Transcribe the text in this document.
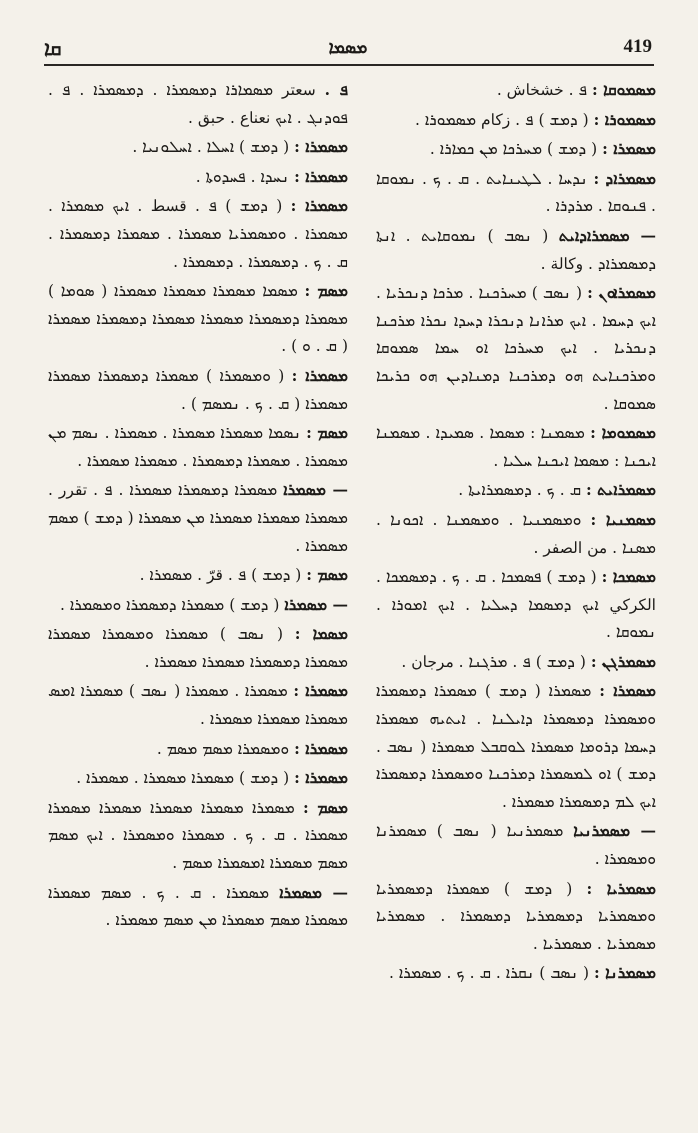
ܩܐ	ܡܣܡܐ	419
ܡܣܡܘܩܐ : ܦ . خشخاش .
ܡܣܡܘܪܐ : ( ܕܡܫ ) ܦ . زكام ܡܣܡܘܪܐ .
ܡܣܡܪܐ : ( ܕܡܫ ) ܡܚܪܟܐ ܡܢ ܟܡܐܪܐ .
ܡܣܡܪܐܕ : ܢܕܚܐ . ܠܛܝܢܐܝܬ . ܩ . ܟ . ܢܡܘܩܐ . ܦܢܘܩܐ . ܡܪܕܪܐ .
— ܡܣܡܪܐܕܐܝܬ ( ܢܣܒ ) ܢܡܘܩܐܝܬ . ܐܢܬܐ ܕܡܣܡܪܐܕ . وكالة .
ܡܣܡܪܐܘܢ : ( ܢܣܒ ) ܡܚܪܟܢܐ . ܡܪܟܐ ܕܢܟܪܝܐ . ܐܝܟ ܕܚܡܐ . ܐܝܟ ܡܪܐܢܐ ܕܢܟܪܐ ܕܚܕܐ ܢܟܪܐ ܡܪܟܢܐ ܕܢܟܪܝܐ . ܐܝܟ ܡܚܪܟܐ ܐܘ ܚܡܐ ܣܡܘܩܐ ܘܡܪܟܢܐܝܬ ܗܘ ܕܡܪܟܢܐ ܕܡܢܐܕܝܢ ܗܘ ܟܪܝܟܐ ܣܡܘܩܐ .
ܡܣܡܘܡܐ : ܡܣܡܢܐ : ܡܣܡܐ . ܣܡܝܕܐ . ܡܣܡܢܐ ܐܝܟܢܐ : ܡܣܡܐ ܐܝܟܢܐ ܚܠܝܐ .
ܡܣܡܪܐܝܬ : ܩ . ܟ . ܕܡܣܡܪܐܝܬܐ .
ܡܣܡܢܝܐ : ܘܡܣܡܢܝܐ . ܘܡܣܡܢܐ . ܐܟܘܢܐ . ܡܣܢܐ . من الصفر .
ܡܣܡܟܐ : ( ܕܡܫ ) ܦܣܡܟܐ . ܩ . ܟ . ܕܡܣܡܟܐ . الكركي ܐܝܟ ܕܡܣܡܐ ܕܚܠܝܐ . ܐܝܟ ܐܡܘܪܐ . ܢܡܘܩܐ .
ܡܣܡܪܓܢ : ( ܕܡܫ ) ܦ . ܡܪܓܢܐ . مرجان .
ܡܣܡܪܐ : ܡܣܡܪܐ ( ܕܡܫ ) ܡܣܡܪܐ ܕܡܣܡܪܐ ܘܡܣܡܪܐ ܕܡܣܡܪܐ ܕܐܝܠܢܐ . ܐܝܬܝܗ ܡܣܡܪܐ ܕܚܡܐ ܕܪܘܡܐ ܡܣܡܪܐ ܠܘܩܒܠ ܡܣܡܪܐ ( ܢܣܒ . ܕܡܫ ) ܐܘ ܠܡܣܡܪܐ ܕܡܪܟܢܐ ܘܡܣܡܪܐ ܕܡܣܡܪܐ ܐܝܟ ܠܡ ܕܡܣܡܪܐ ܡܣܡܪܐ .
— ܡܣܡܪܢܝܐ ܡܣܡܪܢܝܐ ( ܢܣܒ ) ܡܣܡܪܢܐ ܘܡܣܡܪܐ .
ܡܣܡܪܝܐ : ( ܕܡܫ ) ܡܣܡܪܐ ܕܡܣܡܪܝܐ ܘܡܣܡܪܝܐ ܕܡܣܡܪܝܐ ܕܡܣܡܪܐ . ܡܣܡܪܝܐ ܡܣܡܪܝܐ . ܡܣܡܪܝܐ .
ܡܣܡܪܢܐ : ( ܢܣܒ ) ܢܩܪܐ . ܩ . ܟ . ܡܣܡܪܐ .
ܦ . سعتر ܡܣܡܐܪܐ ܕܡܣܡܪܐ . ܕܡܣܡܪܐ . ܦ . ܦܘܕܢܓ . ܐܝܟ نعناع . حبق .
ܡܣܡܪܐ : ( ܕܡܫ ) ܐܚܠܐ . ܐܚܠܘܢܝܐ .
ܡܣܡܪܐ : ܢܚܕܐ . ܦܚܕܘܬܐ .
ܡܣܡܪܐ : ( ܕܡܫ ) ܦ . قسط . ܐܝܟ ܡܣܡܪܐ . ܡܣܡܪܐ . ܘܡܣܡܪܝܐ ܡܣܡܪܐ . ܡܣܡܪܐ ܕܡܣܡܪܐ . ܩ . ܟ . ܕܡܣܡܪܐ . ܕܡܣܡܪܐ .
ܡܣܡ : ܡܣܡܐ ܡܣܡܪܐ ܡܣܡܪܐ ܡܣܡܪܐ ( ܣܘܡܐ ) ܡܣܡܪܐ ܕܡܣܡܪܐ ܡܣܡܪܐ ܡܣܡܪܐ ܕܡܣܡܪܐ ܡܣܡܪܐ ( ܩ . ܘ ) .
ܡܣܡܪܐ : ( ܘܡܣܡܪܐ ) ܡܣܡܪܐ ܕܡܣܡܪܐ ܡܣܡܪܐ ܡܣܡܪܐ ( ܩ . ܟ . ܢܡܣܡ ) .
ܡܣܡ : ܢܣܡܐ ܡܣܡܪܐ ܡܣܡܪܐ . ܡܣܡܪܐ . ܢܣܡ ܡܢ ܡܣܡܪܐ . ܡܣܡܪܐ ܕܡܣܡܪܐ . ܡܣܡܪܐ ܡܣܡܪܐ .
— ܡܣܡܪܐ ܡܣܡܪܐ ܕܡܣܡܪܐ ܡܣܡܪܐ . ܦ . تقرر . ܡܣܡܪܐ ܡܣܡܪܐ ܡܣܡܪܐ ܡܢ ܡܣܡܪܐ ( ܕܡܫ ) ܡܣܡ ܡܣܡܪܐ .
ܡܣܡ : ( ܕܡܫ ) ܦ . قرّ . ܡܣܡܪܐ .
— ܡܣܡܪܐ ( ܕܡܫ ) ܡܣܡܪܐ ܕܡܣܡܪܐ ܘܡܣܡܪܐ .
ܡܣܡܐ : ( ܢܣܒ ) ܡܣܡܪܐ ܘܡܣܡܪܐ ܡܣܡܪܐ ܡܣܡܪܐ ܕܡܣܡܪܐ ܡܣܡܪܐ ܡܣܡܪܐ .
ܡܣܡܪܐ : ܡܣܡܪܐ . ܡܣܡܪܐ ( ܢܣܒ ) ܡܣܡܪܐ ܐܡܣ ܡܣܡܪܐ ܡܣܡܪܐ ܡܣܡܪܐ .
ܡܣܡܪܐ : ܘܡܣܡܪܐ ܡܣܡ ܡܣܡ .
ܡܣܡܪܐ : ( ܕܡܫ ) ܡܣܡܪܐ ܡܣܡܪܐ . ܡܣܡܪܐ .
ܡܣܡ : ܡܣܡܪܐ ܡܣܡܪܐ ܡܣܡܪܐ ܡܣܡܪܐ ܡܣܡܪܐ ܡܣܡܪܐ . ܩ . ܟ . ܡܣܡܪܐ ܘܡܣܡܪܐ . ܐܝܟ ܡܣܡ ܡܣܡ ܡܣܡܪܐ ܐܡܣܡܪܐ ܡܣܡ .
— ܡܣܡܪܐ ܡܣܡܪܐ . ܩ . ܟ . ܡܣܡ ܡܣܡܪܐ ܡܣܡܪܐ ܡܣܡ ܡܣܡܪܐ ܡܢ ܡܣܡ ܡܣܡܪܐ .
